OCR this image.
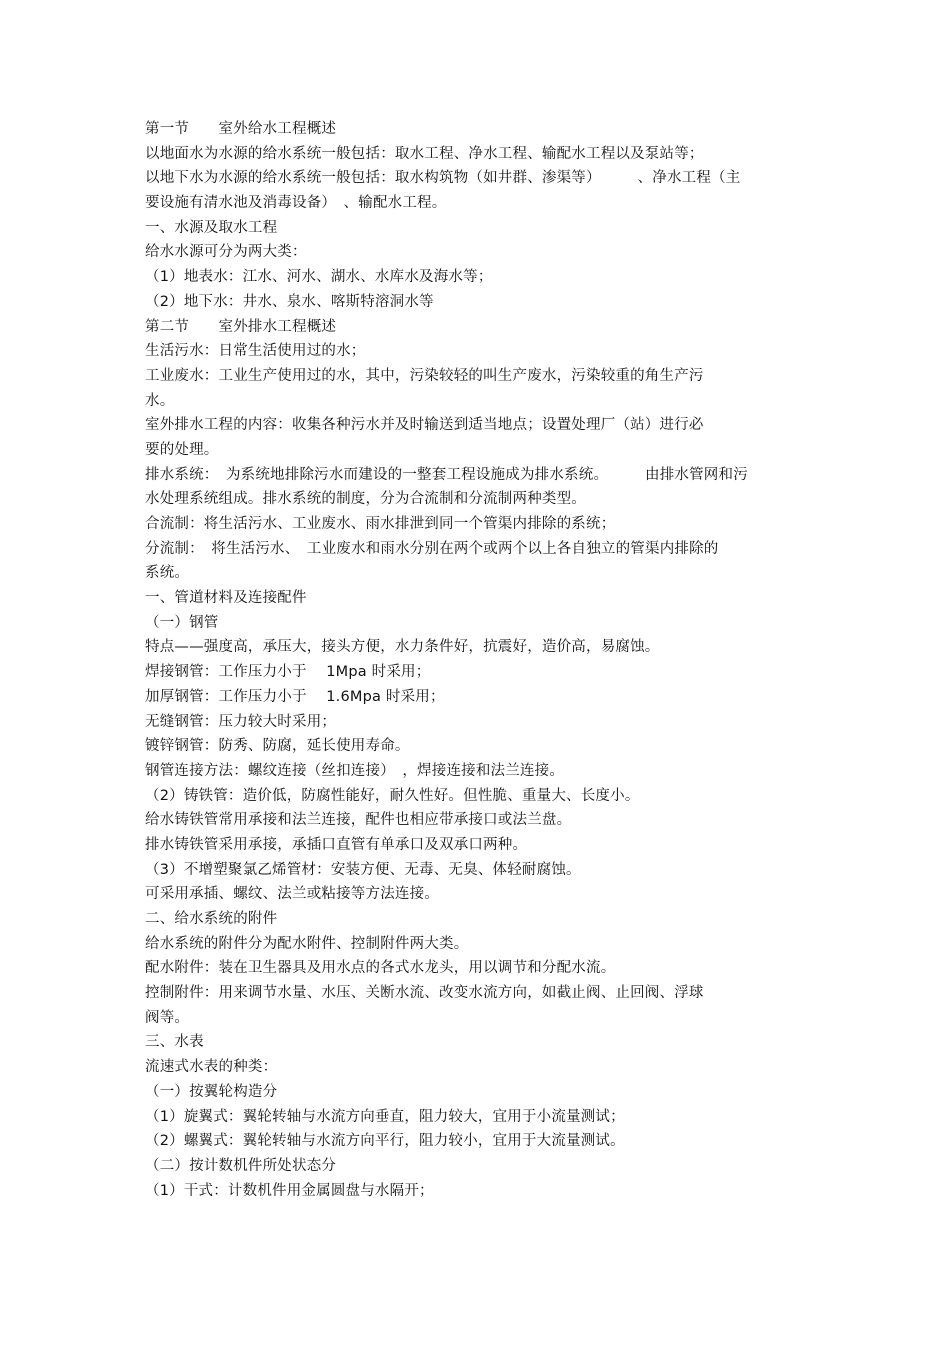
第一节　　室外给水工程概述
以地面水为水源的给水系统一般包括：取水工程、净水工程、输配水工程以及泵站等；
以地下水为水源的给水系统一般包括：取水构筑物（如井群、渗渠等）　　　、净水工程（主
要设施有清水池及消毒设备）　、输配水工程。
一、水源及取水工程
给水水源可分为两大类：
（1）地表水：江水、河水、湖水、水库水及海水等；
（2）地下水：井水、泉水、喀斯特溶洞水等
第二节　　室外排水工程概述
生活污水：日常生活使用过的水；
工业废水：工业生产使用过的水，其中，污染较轻的叫生产废水，污染较重的角生产污
水。
室外排水工程的内容：收集各种污水并及时输送到适当地点；设置处理厂（站）进行必
要的处理。
排水系统：　为系统地排除污水而建设的一整套工程设施成为排水系统。　　　由排水管网和污
水处理系统组成。排水系统的制度，分为合流制和分流制两种类型。
合流制：将生活污水、工业废水、雨水排泄到同一个管渠内排除的系统；
分流制：　将生活污水、　工业废水和雨水分别在两个或两个以上各自独立的管渠内排除的
系统。
一、管道材料及连接配件
（一）钢管
特点——强度高，承压大，接头方便，水力条件好，抗震好，造价高，易腐蚀。
焊接钢管：工作压力小于　 1Mpa 时采用；
加厚钢管：工作压力小于　 1.6Mpa 时采用；
无缝钢管：压力较大时采用；
镀锌钢管：防秀、防腐，延长使用寿命。
钢管连接方法：螺纹连接（丝扣连接）　，焊接连接和法兰连接。
（2）铸铁管：造价低，防腐性能好，耐久性好。但性脆、重量大、长度小。
给水铸铁管常用承接和法兰连接，配件也相应带承接口或法兰盘。
排水铸铁管采用承接，承插口直管有单承口及双承口两种。
（3）不增塑聚氯乙烯管材：安装方便、无毒、无臭、体轻耐腐蚀。
可采用承插、螺纹、法兰或粘接等方法连接。
二、给水系统的附件
给水系统的附件分为配水附件、控制附件两大类。
配水附件：装在卫生器具及用水点的各式水龙头，用以调节和分配水流。
控制附件：用来调节水量、水压、关断水流、改变水流方向，如截止阀、止回阀、浮球
阀等。
三、水表
流速式水表的种类：
（一）按翼轮构造分
（1）旋翼式：翼轮转轴与水流方向垂直，阻力较大，宜用于小流量测试；
（2）螺翼式：翼轮转轴与水流方向平行，阻力较小，宜用于大流量测试。
（二）按计数机件所处状态分
（1）干式：计数机件用金属圆盘与水隔开；
